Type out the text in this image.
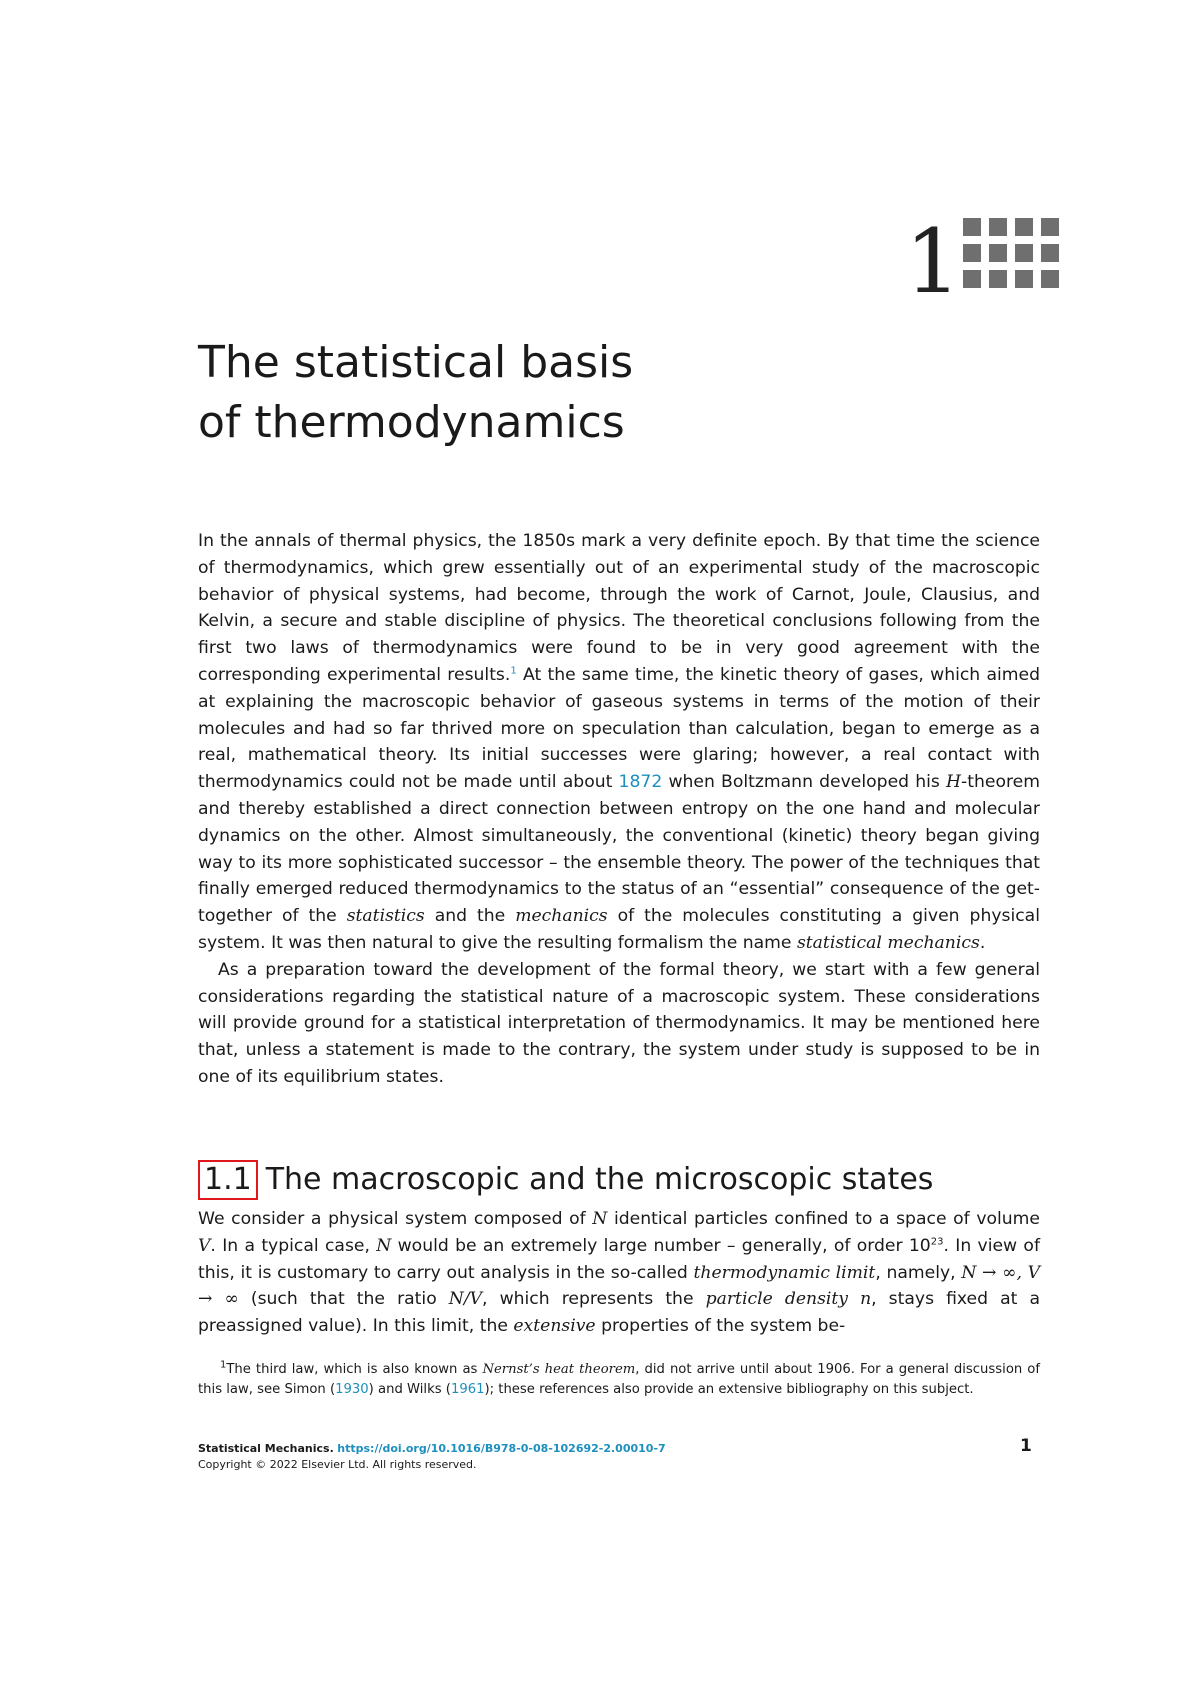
1
The statistical basis
of thermodynamics

In the annals of thermal physics, the 1850s mark a very definite epoch. By that time the science of thermodynamics, which grew essentially out of an experimental study of the macroscopic behavior of physical systems, had become, through the work of Carnot, Joule, Clausius, and Kelvin, a secure and stable discipline of physics. The theoretical conclusions following from the first two laws of thermodynamics were found to be in very good agreement with the corresponding experimental results.$^1$ At the same time, the kinetic theory of gases, which aimed at explaining the macroscopic behavior of gaseous systems in terms of the motion of their molecules and had so far thrived more on speculation than calculation, began to emerge as a real, mathematical theory. Its initial successes were glaring; however, a real contact with thermodynamics could not be made until about 1872 when Boltzmann developed his H-theorem and thereby established a direct connection between entropy on the one hand and molecular dynamics on the other. Almost simultaneously, the conventional (kinetic) theory began giving way to its more sophisticated successor – the ensemble theory. The power of the techniques that finally emerged reduced thermodynamics to the status of an “essential” consequence of the get-together of the statistics and the mechanics of the molecules constituting a given physical system. It was then natural to give the resulting formalism the name statistical mechanics.

As a preparation toward the development of the formal theory, we start with a few general considerations regarding the statistical nature of a macroscopic system. These considerations will provide ground for a statistical interpretation of thermodynamics. It may be mentioned here that, unless a statement is made to the contrary, the system under study is supposed to be in one of its equilibrium states.

1.1 The macroscopic and the microscopic states

We consider a physical system composed of N identical particles confined to a space of volume V. In a typical case, N would be an extremely large number – generally, of order $10^{23}$. In view of this, it is customary to carry out analysis in the so-called thermodynamic limit, namely, N → ∞, V → ∞ (such that the ratio N/V, which represents the particle density n, stays fixed at a preassigned value). In this limit, the extensive properties of the system be-

$^1$The third law, which is also known as Nernst’s heat theorem, did not arrive until about 1906. For a general discussion of this law, see Simon (1930) and Wilks (1961); these references also provide an extensive bibliography on this subject.

Statistical Mechanics. https://doi.org/10.1016/B978-0-08-102692-2.00010-7
Copyright © 2022 Elsevier Ltd. All rights reserved.
1
